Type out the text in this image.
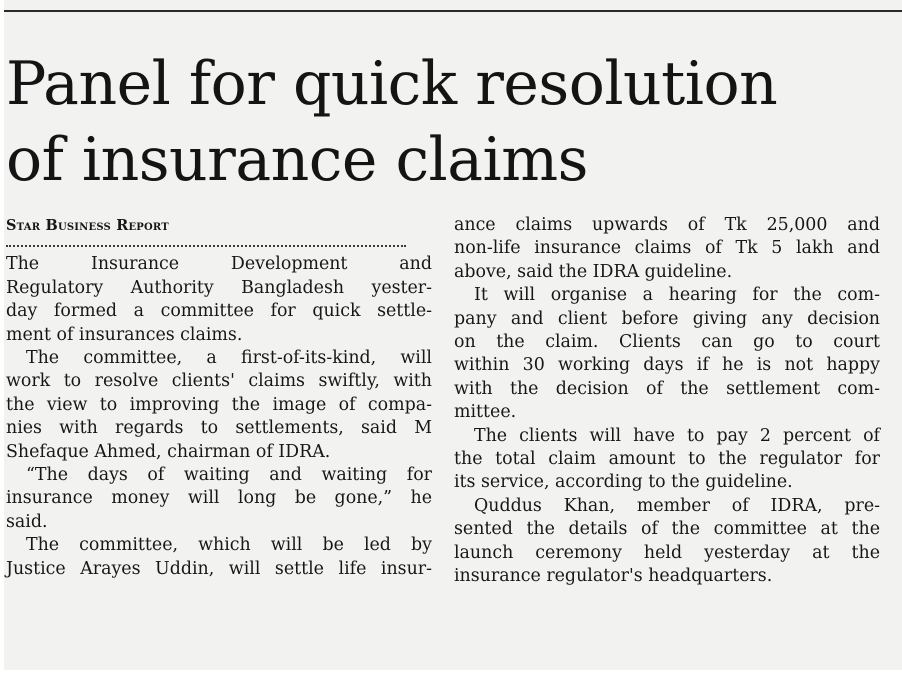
Panel for quick resolution
of insurance claims
Star Business Report

The Insurance Development and
Regulatory Authority Bangladesh yester-
day formed a committee for quick settle-
ment of insurances claims.

The committee, a first-of-its-kind, will
work to resolve clients' claims swiftly, with
the view to improving the image of compa-
nies with regards to settlements, said M
Shefaque Ahmed, chairman of IDRA.

“The days of waiting and waiting for
insurance money will long be gone,” he
said.

The committee, which will be led by
Justice Arayes Uddin, will settle life insur-

ance claims upwards of Tk 25,000 and
non-life insurance claims of Tk 5 lakh and
above, said the IDRA guideline.

It will organise a hearing for the com-
pany and client before giving any decision
on the claim. Clients can go to court
within 30 working days if he is not happy
with the decision of the settlement com-
mittee.

The clients will have to pay 2 percent of
the total claim amount to the regulator for
its service, according to the guideline.

Quddus Khan, member of IDRA, pre-
sented the details of the committee at the
launch ceremony held yesterday at the
insurance regulator's headquarters.
